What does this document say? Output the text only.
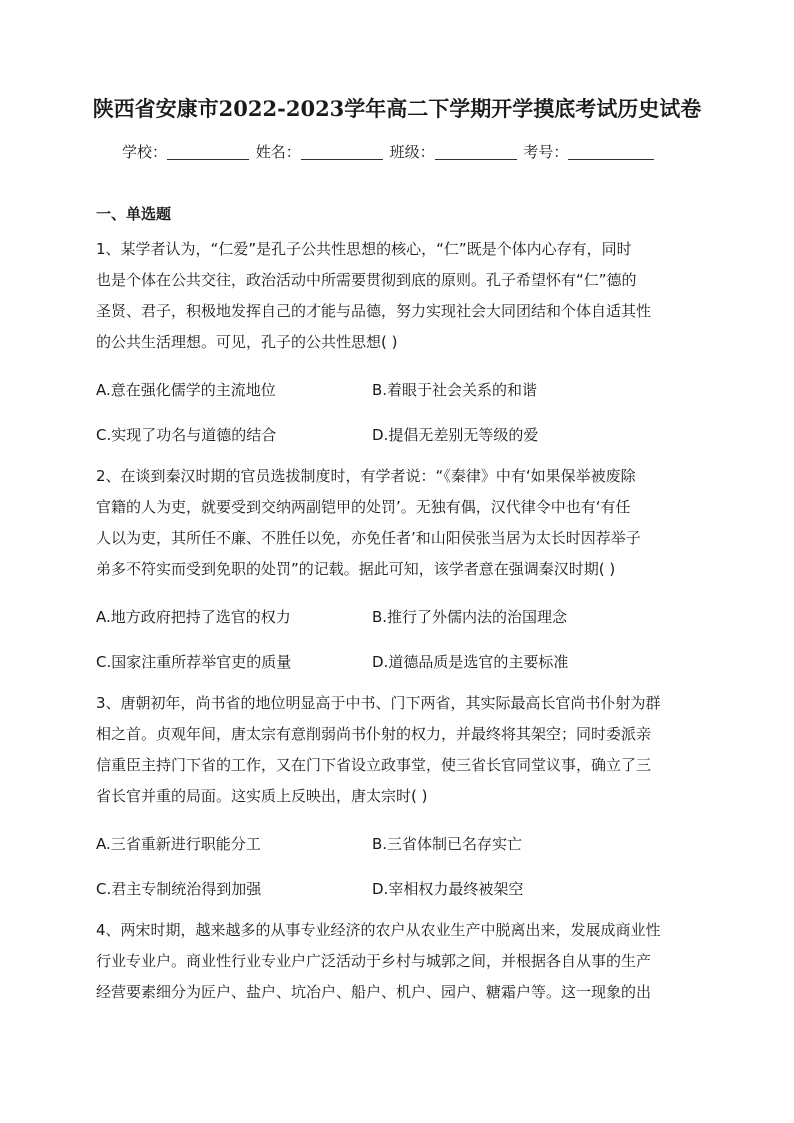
陕西省安康市2022-2023学年高二下学期开学摸底考试历史试卷
学校：	姓名：	班级：	考号：
一、单选题
1、某学者认为，“仁爱”是孔子公共性思想的核心，“仁”既是个体内心存有，同时
也是个体在公共交往，政治活动中所需要贯彻到底的原则。孔子希望怀有“仁”德的
圣贤、君子，积极地发挥自己的才能与品德，努力实现社会大同团结和个体自适其性
的公共生活理想。可见，孔子的公共性思想( )
A.意在强化儒学的主流地位	B.着眼于社会关系的和谐
C.实现了功名与道德的结合	D.提倡无差别无等级的爱
2、在谈到秦汉时期的官员选拔制度时，有学者说：“《秦律》中有‘如果保举被废除
官籍的人为吏，就要受到交纳两副铠甲的处罚’。无独有偶，汉代律令中也有‘有任
人以为吏，其所任不廉、不胜任以免，亦免任者’和山阳侯张当居为太长时因荐举子
弟多不符实而受到免职的处罚”的记载。据此可知，该学者意在强调秦汉时期( )
A.地方政府把持了选官的权力	B.推行了外儒内法的治国理念
C.国家注重所荐举官吏的质量	D.道德品质是选官的主要标准
3、唐朝初年，尚书省的地位明显高于中书、门下两省，其实际最高长官尚书仆射为群
相之首。贞观年间，唐太宗有意削弱尚书仆射的权力，并最终将其架空；同时委派亲
信重臣主持门下省的工作，又在门下省设立政事堂，使三省长官同堂议事，确立了三
省长官并重的局面。这实质上反映出，唐太宗时( )
A.三省重新进行职能分工	B.三省体制已名存实亡
C.君主专制统治得到加强	D.宰相权力最终被架空
4、两宋时期，越来越多的从事专业经济的农户从农业生产中脱离出来，发展成商业性
行业专业户。商业性行业专业户广泛活动于乡村与城郭之间，并根据各自从事的生产
经营要素细分为匠户、盐户、坑冶户、船户、机户、园户、糖霜户等。这一现象的出
